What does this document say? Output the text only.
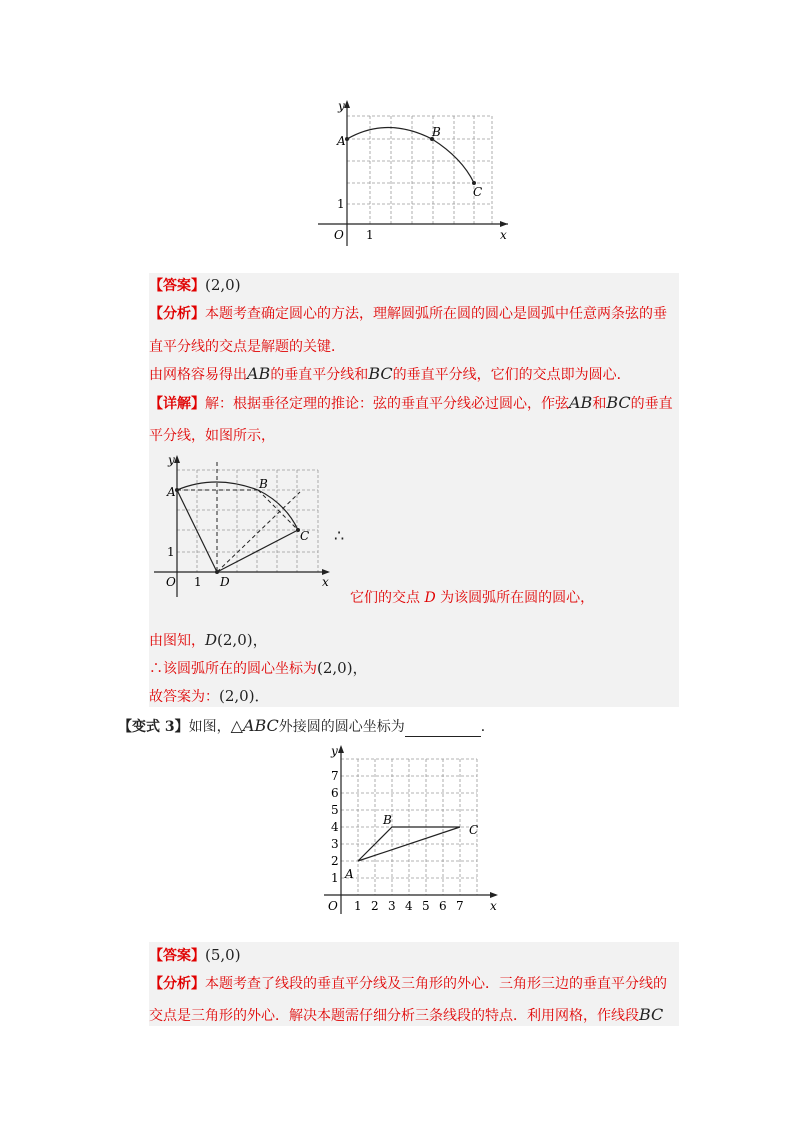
y
x
O 1
1
A
B
C
【答案】(2,0)
【分析】本题考查确定圆心的方法，理解圆弧所在圆的圆心是圆弧中任意两条弦的垂
直平分线的交点是解题的关键．
由网格容易得出AB的垂直平分线和BC的垂直平分线，它们的交点即为圆心．
【详解】解：根据垂径定理的推论：弦的垂直平分线必过圆心，作弦AB和BC的垂直
平分线，如图所示，
y
x
O 1
1
A
B
C
D
∴
它们的交点 D 为该圆弧所在圆的圆心，
由图知，D(2,0)，
∴该圆弧所在的圆心坐标为(2,0)，
故答案为：(2,0)．
【变式 3】如图，△ABC外接圆的圆心坐标为	．
1 2 3 4 5 6 7
1
2
3
4
5
6
7
y
x
O
A
B
C
【答案】(5,0)
【分析】本题考查了线段的垂直平分线及三角形的外心．三角形三边的垂直平分线的
交点是三角形的外心．解决本题需仔细分析三条线段的特点．利用网格，作线段BC
